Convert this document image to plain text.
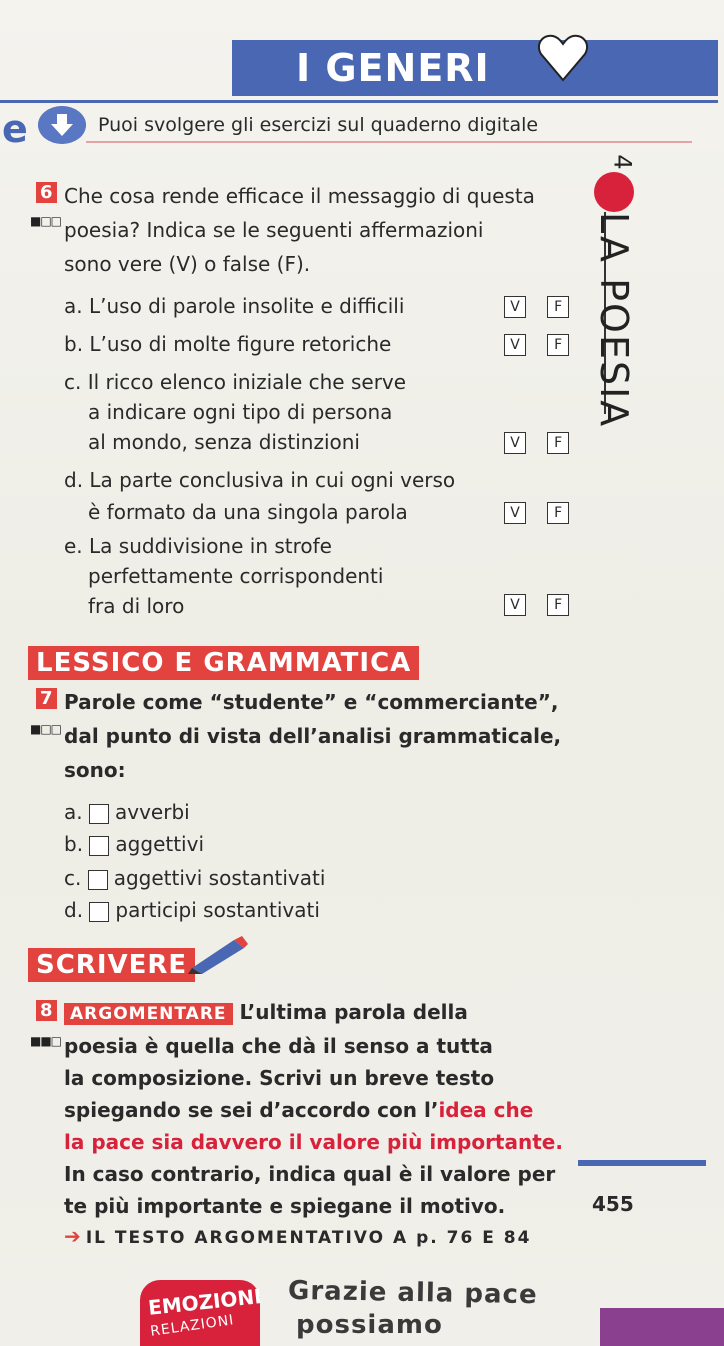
I GENERI
e	Puoi svolgere gli esercizi sul quaderno digitale
4
LA POESIA
6
■□□
Che cosa rende efficace il messaggio di questa
poesia? Indica se le seguenti affermazioni
sono vere (V) o false (F).
a. L’uso di parole insolite e difficili	V F
b. L’uso di molte figure retoriche	V F
c. Il ricco elenco iniziale che serve
a indicare ogni tipo di persona
al mondo, senza distinzioni	V F
d. La parte conclusiva in cui ogni verso
è formato da una singola parola	V F
e. La suddivisione in strofe
perfettamente corrispondenti
fra di loro	V F
LESSICO E GRAMMATICA
7
■□□
Parole come “studente” e “commerciante”,
dal punto di vista dell’analisi grammaticale,
sono:
a. avverbi
b. aggettivi
c. aggettivi sostantivati
d. participi sostantivati
SCRIVERE
8
■■□
ARGOMENTARE L’ultima parola della
poesia è quella che dà il senso a tutta
la composizione. Scrivi un breve testo
spiegando se sei d’accordo con l’idea che
la pace sia davvero il valore più importante.
In caso contrario, indica qual è il valore per
te più importante e spiegane il motivo.
➔ IL TESTO ARGOMENTATIVO A p. 76 E 84
455
EMOZIONI
RELAZIONI
Grazie alla pace
possiamo
